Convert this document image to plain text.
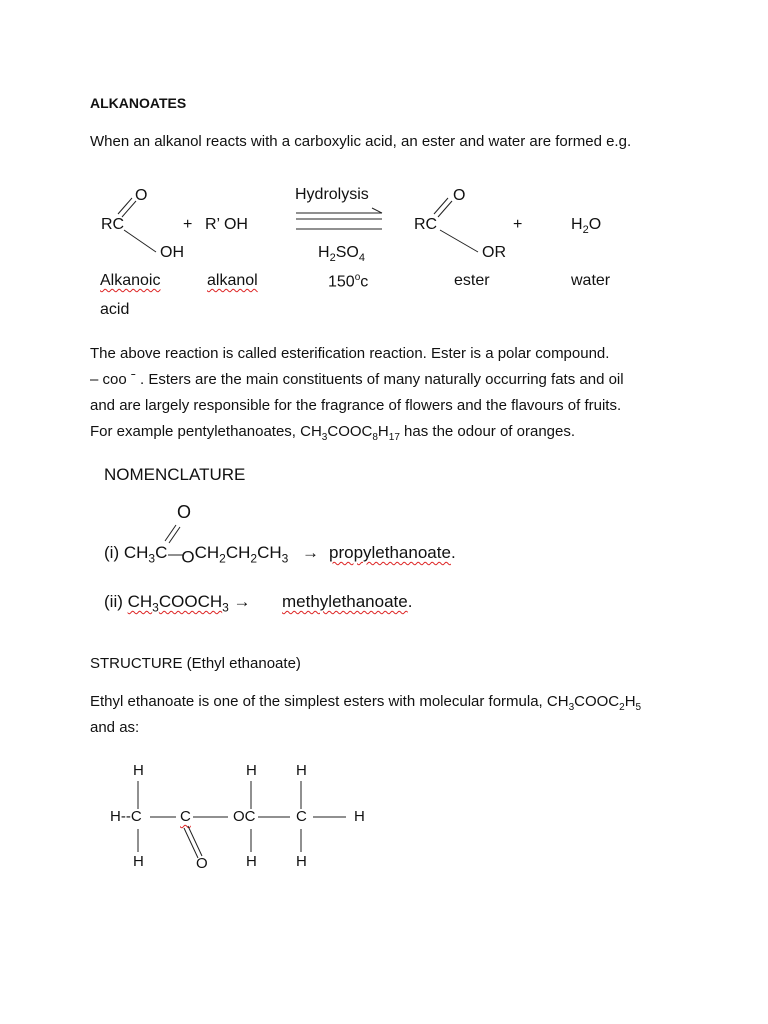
ALKANOATES
When an alkanol reacts with a carboxylic acid, an ester and water are formed e.g.
O
RC
OH
+ R’ OH
Hydrolysis
$H_2SO_4$
150$^o$c
O
RC
OR
+	$H_2O$
Alkanoic
acid
alkanol	ester	water
The above reaction is called esterification reaction. Ester is a polar compound.
– coo ˉ . Esters are the main constituents of many naturally occurring fats and oil
and are largely responsible for the fragrance of flowers and the flavours of fruits.
For example pentylethanoates, $CH_3COOC_8H_{17}$ has the odour of oranges.
NOMENCLATURE
O
(i) $CH_3C$ $_OCH_2CH_2CH_3$ → propylethanoate.
(ii) $CH_3COOCH_3$ → methylethanoate.
STRUCTURE (Ethyl ethanoate)
Ethyl ethanoate is one of the simplest esters with molecular formula, $CH_3COOC_2H_5$
and as:
H	H	H
H--C	C	OC	C	H
H	O	H	H
